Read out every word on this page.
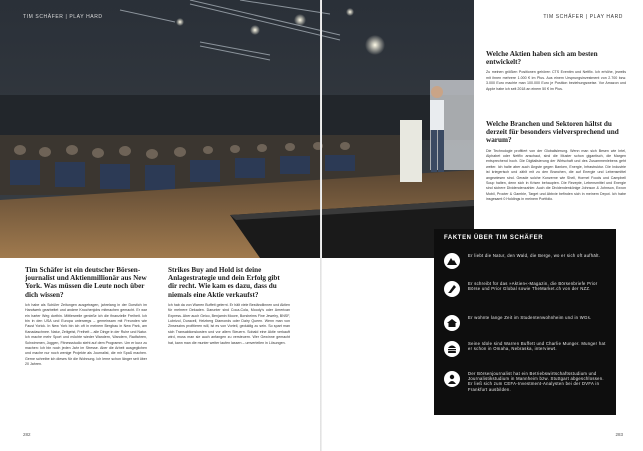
TIM SCHÄFER | PLAY HARD	TIM SCHÄFER | PLAY HARD
Welche Aktien haben sich am besten entwickelt?

Zu meinen größten Positionen gehören CTS Eventim und Netflix. Ich erhöhe, jeweils mit ihnen mehrere 1.000 € im Plus. Aus einem Ursprungsinvestment von 2.700 bzw. 3.000 Euro machte man 100.000 Euro je Position beziehungsweise. Vor Amazon und Apple habe ich seit 2018 an einem 50 € im Plus.

Welche Branchen und Sektoren hältst du derzeit für besonders vielversprechend und warum?

Die Technologie profitiert von der Globalisierung. Wenn man sich Besen wie Intel, Alphabet oder Netflix anschaut, sind die Muster schon gigantisch, die Margen entsprechend hoch. Die Digitalisierung der Wirtschaft und des Zusammenlebens geht weiter. Ich halte aber auch Ängste gegen Banken, Energie, Infrastruktur. Die Industrie ist kriegerisch und zählt mit zu den Branchen, die auf Energie und Lebensmittel angewiesen sind. Gerade solche Konzerne wie Shell, Hormel Foods und Campbell Soup halten, denn sich in Krisen behaupten. Die Rezepte, Lebensmittel und Energie sind sichere Dividendenzahler. Auch die Dividendenkönige Johnson & Johnson, Exxon Mobil, Procter & Gamble, Target und Abbvie befinden sich in meinem Depot. Ich habe insgesamt 0 Holdings in meinem Portfolio.

Tim Schäfer ist ein deutscher Börsenjournalist und Aktienmillionär aus New York. Was müssen die Leute noch über dich wissen?

Ich habe als Schüler Zeitungen ausgetragen, jahrelang in der Dorstich im Handwerk gearbeitet und andere Knochenjobs mitmachen gemacht. Er war ein harter Weg dorthin. Mittlerweile genieße ich die finanzielle Freiheit. Ich bin in den USA und Europa unterwegs – gemeinsam mit Freunden wie Faust Yorick. In New York bin ich oft in meinem Bergbau in New Park, am Kanadaschnee. Natur, Zeitgeist, Freiheit – alle Dinge in der Ruhe und Natur. Ich mache mehr Sport und möchte wieder Wandern, Wandern, Radfahren, Schwimmen, Joggen, Fitnessstudio steht auf dem Programm. Um er kurz zu machen: Ich bin noch jeden Jahr im Stresse. Aber die Arbeit ausgeglichen und mache nur noch wenige Projekte als Journalist, die mir Spaß machen. Gerne schreibe ich dieses für die Wohnung. Ich lerne schon länger seit über 20 Jahren.

Strikes Buy and Hold ist deine Anlagestrategie und dein Erfolg gibt dir recht. Wie kam es dazu, dass du niemals eine Aktie verkaufst?

Ich hab da von Warren Buffett gelernt. Er hält viele Beständlinnen und Aktien für mehrere Dekaden. Darunter sind Coca-Cola, Moody's oder American Express. Aber auch Geico, Benjamin Moore, Borsheims Fine Jewelry, BNSF, Lubrizol, Duracell, Helzberg Diamonds oder Dairy Queen. Wenn man von Zinseszins profitieren will, ist es von Vorteil, geduldig zu sein. So spart man sich Transaktionskosten und vor allem Steuern. Sobald eine Aktie verkauft wird, muss man sie auch anfangen zu versteuern. Wer Gewinne gemacht hat, kann man die munter weiter laufen lassen – umverteilen in Lösungen.

FAKTEN ÜBER TIM SCHÄFER
Er liebt die Natur, den Wald, die Berge, wo er sich oft aufhält.
Er schreibt für das »Aktien«-Magazin, die Börsenbriefe Prior Börse und Prior Global sowie TheMarket.ch von der NZZ.
Er wohnte lange Zeit im Studentenwohnheim und in WGs.
Seine Idole sind Warren Buffett und Charlie Munger. Munger hat er schon in Omaha, Nebraska, interviewt.
Der Börsenjournalist hat ein Betriebswirtschaftsstudium und Journalistikstudium in Mannheim bzw. Stuttgart abgeschlossen. Er ließ sich zum CEFA-Investment-Analysten bei der DVFA in Frankfurt ausbilden.
282	283
